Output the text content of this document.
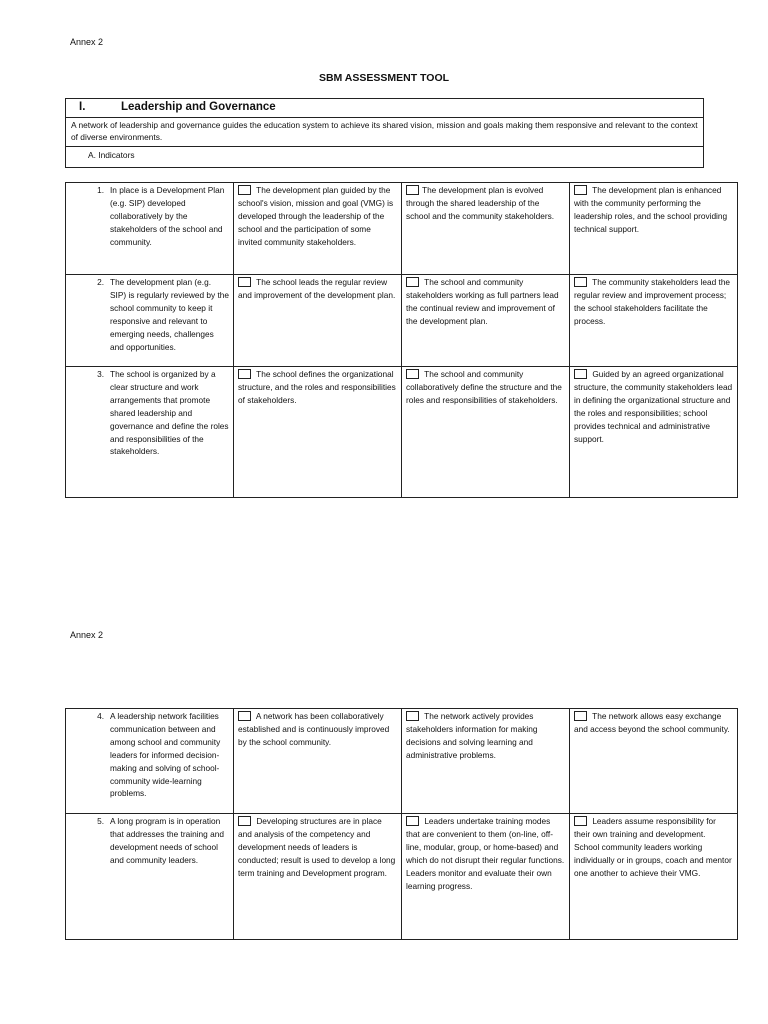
Annex 2
SBM ASSESSMENT TOOL
I.	Leadership and Governance
A network of leadership and governance guides the education system to achieve its shared vision, mission and goals making them responsive and relevant to the context of diverse environments.
A. Indicators
1. In place is a Development Plan (e.g. SIP) developed collaboratively by the stakeholders of the school and community.	The development plan guided by the school's vision, mission and goal (VMG) is developed through the leadership of the school and the participation of some invited community stakeholders.	The development plan is evolved through the shared leadership of the school and the community stakeholders.	The development plan is enhanced with the community performing the leadership roles, and the school providing technical support.

2. The development plan (e.g. SIP) is regularly reviewed by the school community to keep it responsive and relevant to emerging needs, challenges and opportunities.	The school leads the regular review and improvement of the development plan.	The school and community stakeholders working as full partners lead the continual review and improvement of the development plan.	The community stakeholders lead the regular review and improvement process; the school stakeholders facilitate the process.

3. The school is organized by a clear structure and work arrangements that promote shared leadership and governance and define the roles and responsibilities of the stakeholders.	The school defines the organizational structure, and the roles and responsibilities of stakeholders.	The school and community collaboratively define the structure and the roles and responsibilities of stakeholders.	Guided by an agreed organizational structure, the community stakeholders lead in defining the organizational structure and the roles and responsibilities; school provides technical and administrative support.
Annex 2
4. A leadership network facilities communication between and among school and community leaders for informed decision-making and solving of school-community wide-learning problems.	A network has been collaboratively established and is continuously improved by the school community.	The network actively provides stakeholders information for making decisions and solving learning and administrative problems.	The network allows easy exchange and access beyond the school community.

5. A long program is in operation that addresses the training and development needs of school and community leaders.	Developing structures are in place and analysis of the competency and development needs of leaders is conducted; result is used to develop a long term training and Development program.	Leaders undertake training modes that are convenient to them (on-line, off-line, modular, group, or home-based) and which do not disrupt their regular functions. Leaders monitor and evaluate their own learning progress.	Leaders assume responsibility for their own training and development. School community leaders working individually or in groups, coach and mentor one another to achieve their VMG.
